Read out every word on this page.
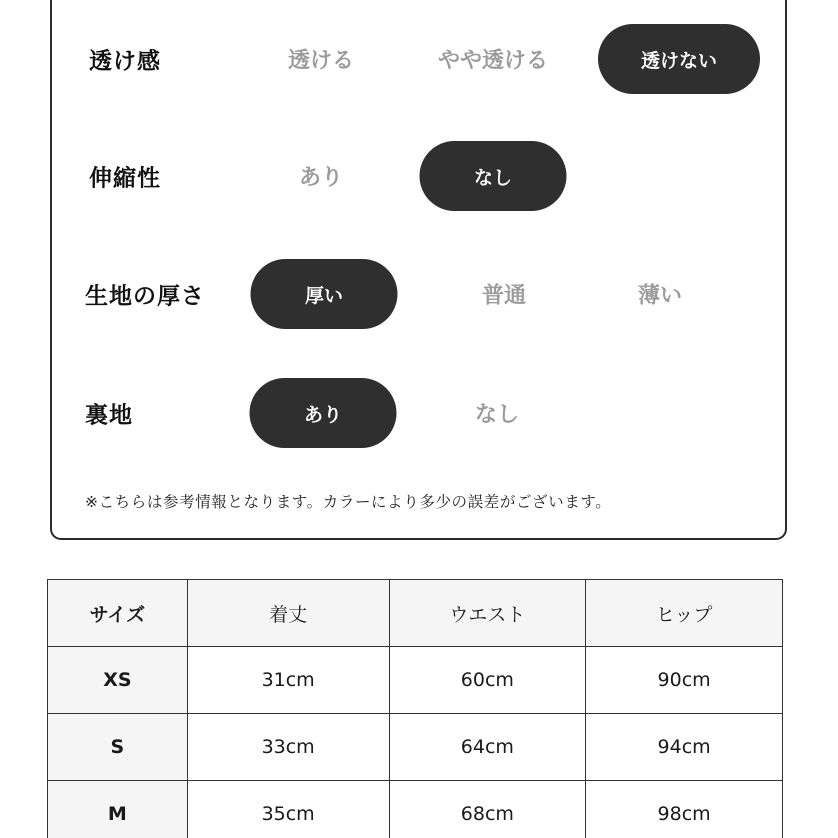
透け感	透ける	やや透ける	透けない
伸縮性	あり	なし
生地の厚さ	厚い	普通	薄い
裏地	あり	なし
※こちらは参考情報となります。カラーにより多少の誤差がございます。
サイズ	着丈	ウエスト	ヒップ
XS	31cm	60cm	90cm
S	33cm	64cm	94cm
M	35cm	68cm	98cm
